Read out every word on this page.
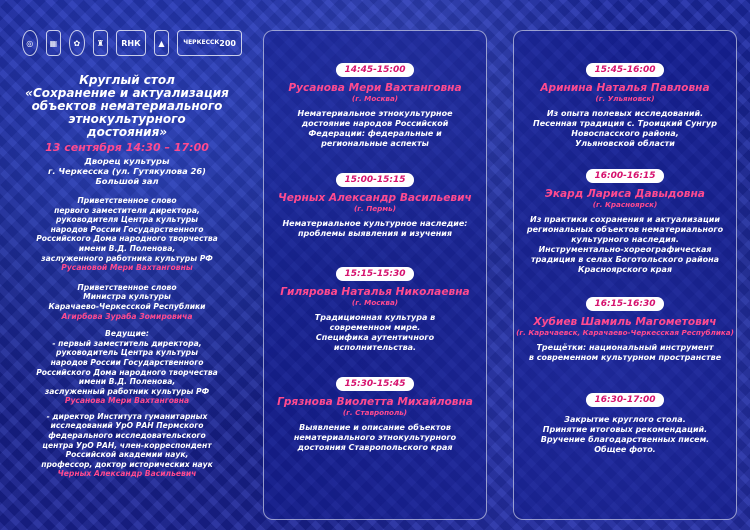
◎	▦	✿	♜	RНК	▲	ЧЕРКЕССК 200
Круглый стол
«Сохранение и актуализация
объектов нематериального
этнокультурного
достояния»
13 сентября 14:30 – 17:00
Дворец культуры
г. Черкесска (ул. Гутякулова 26)
Большой зал
Приветственное слово
первого заместителя директора,
руководителя Центра культуры
народов России Государственного
Российского Дома народного творчества
имени В.Д. Поленова,
заслуженного работника культуры РФ
Русановой Мери Вахтанговны
Приветственное слово
Министра культуры
Карачаево-Черкесской Республики
Агирбова Зураба Зомировича
Ведущие:
- первый заместитель директора,
руководитель Центра культуры
народов России Государственного
Российского Дома народного творчества
имени В.Д. Поленова,
заслуженный работник культуры РФ
Русанова Мери Вахтанговна
- директор Института гуманитарных
исследований УрО РАН Пермского
федерального исследовательского
центра УрО РАН, член-корреспондент
Российской академии наук,
профессор, доктор исторических наук
Черных Александр Васильевич
14:45-15:00
Русанова Мери Вахтанговна
(г. Москва)
Нематериальное этнокультурное
достояние народов Российской
Федерации: федеральные и
региональные аспекты
15:00-15:15
Черных Александр Васильевич
(г. Пермь)
Нематериальное культурное наследие:
проблемы выявления и изучения
15:15-15:30
Гилярова Наталья Николаевна
(г. Москва)
Традиционная культура в
современном мире.
Специфика аутентичного
исполнительства.
15:30-15:45
Грязнова Виолетта Михайловна
(г. Ставрополь)
Выявление и описание объектов
нематериального этнокультурного
достояния Ставропольского края
15:45-16:00
Аринина Наталья Павловна
(г. Ульяновск)
Из опыта полевых исследований.
Песенная традиция с. Троицкий Сунгур
Новоспасского района,
Ульяновской области
16:00-16:15
Экард Лариса Давыдовна
(г. Красноярск)
Из практики сохранения и актуализации
региональных объектов нематериального
культурного наследия.
Инструментально-хореографическая
традиция в селах Боготольского района
Красноярского края
16:15-16:30
Хубиев Шамиль Магометович
(г. Карачаевск, Карачаево-Черкесская Республика)
Трещётки: национальный инструмент
в современном культурном пространстве
16:30-17:00
Закрытие круглого стола.
Принятие итоговых рекомендаций.
Вручение благодарственных писем.
Общее фото.
